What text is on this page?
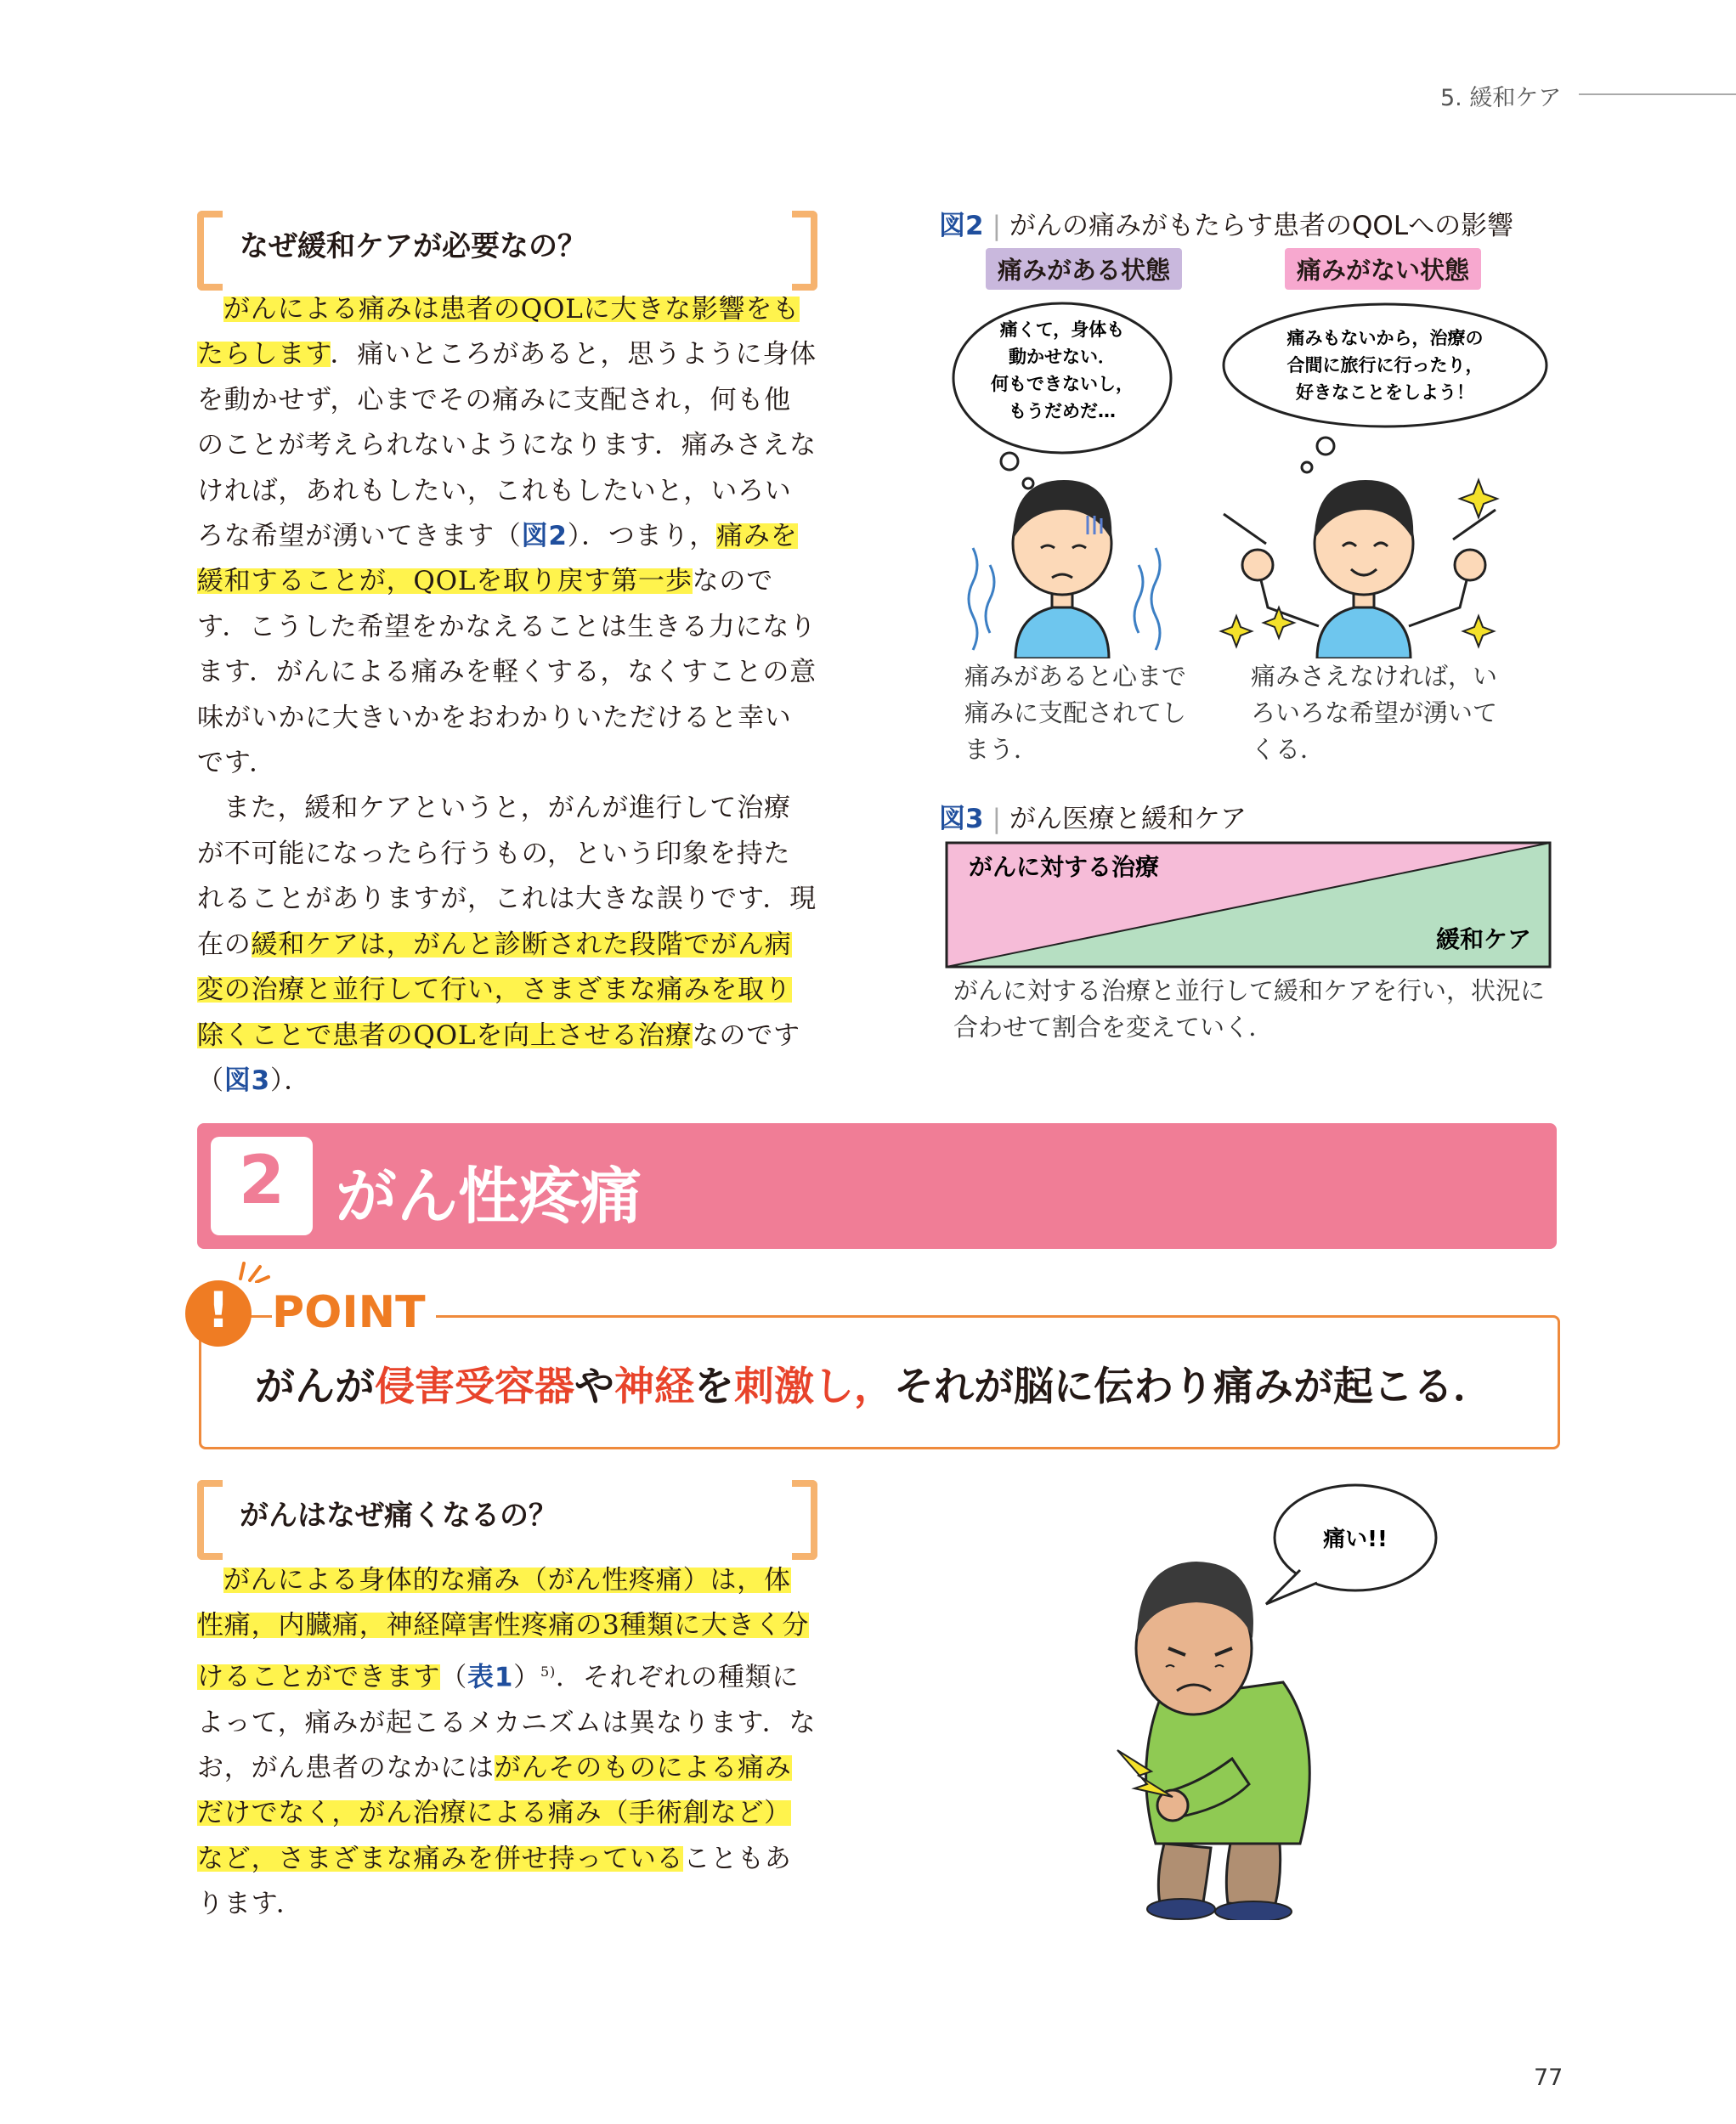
5. 緩和ケア
なぜ緩和ケアが必要なの？

がんによる痛みは患者のQOLに大きな影響をもたらします．痛いところがあると，思うように身体を動かせず，心までその痛みに支配され，何も他のことが考えられないようになります．痛みさえなければ，あれもしたい，これもしたいと，いろいろな希望が湧いてきます（図2）．つまり，痛みを緩和することが，QOLを取り戻す第一歩なのです．こうした希望をかなえることは生きる力になります．がんによる痛みを軽くする，なくすことの意味がいかに大きいかをおわかりいただけると幸いです．

また，緩和ケアというと，がんが進行して治療が不可能になったら行うもの，という印象を持たれることがありますが，これは大きな誤りです．現在の緩和ケアは，がんと診断された段階でがん病変の治療と並行して行い，さまざまな痛みを取り除くことで患者のQOLを向上させる治療なのです（図3）．

図2 | がんの痛みがもたらす患者のQOLへの影響
痛みがある状態	痛みがない状態
痛くて，身体も
動かせない．
何もできないし，
もうだめだ…
痛みもないから，治療の
合間に旅行に行ったり，
好きなことをしよう！
痛みがあると心まで
痛みに支配されてし
まう．
痛みさえなければ，い
ろいろな希望が湧いて
くる．
図3 | がん医療と緩和ケア
がんに対する治療
緩和ケア
がんに対する治療と並行して緩和ケアを行い，状況に
合わせて割合を変えていく．
2 がん性疼痛
! POINT
がんが侵害受容器や神経を刺激し，それが脳に伝わり痛みが起こる．
がんはなぜ痛くなるの？

がんによる身体的な痛み（がん性疼痛）は，体性痛，内臓痛，神経障害性疼痛の3種類に大きく分けることができます（表1）$^{5)}$．それぞれの種類によって，痛みが起こるメカニズムは異なります．なお，がん患者のなかにはがんそのものによる痛みだけでなく，がん治療による痛み（手術創など）など，さまざまな痛みを併せ持っていることもあります．

痛い!!
77
